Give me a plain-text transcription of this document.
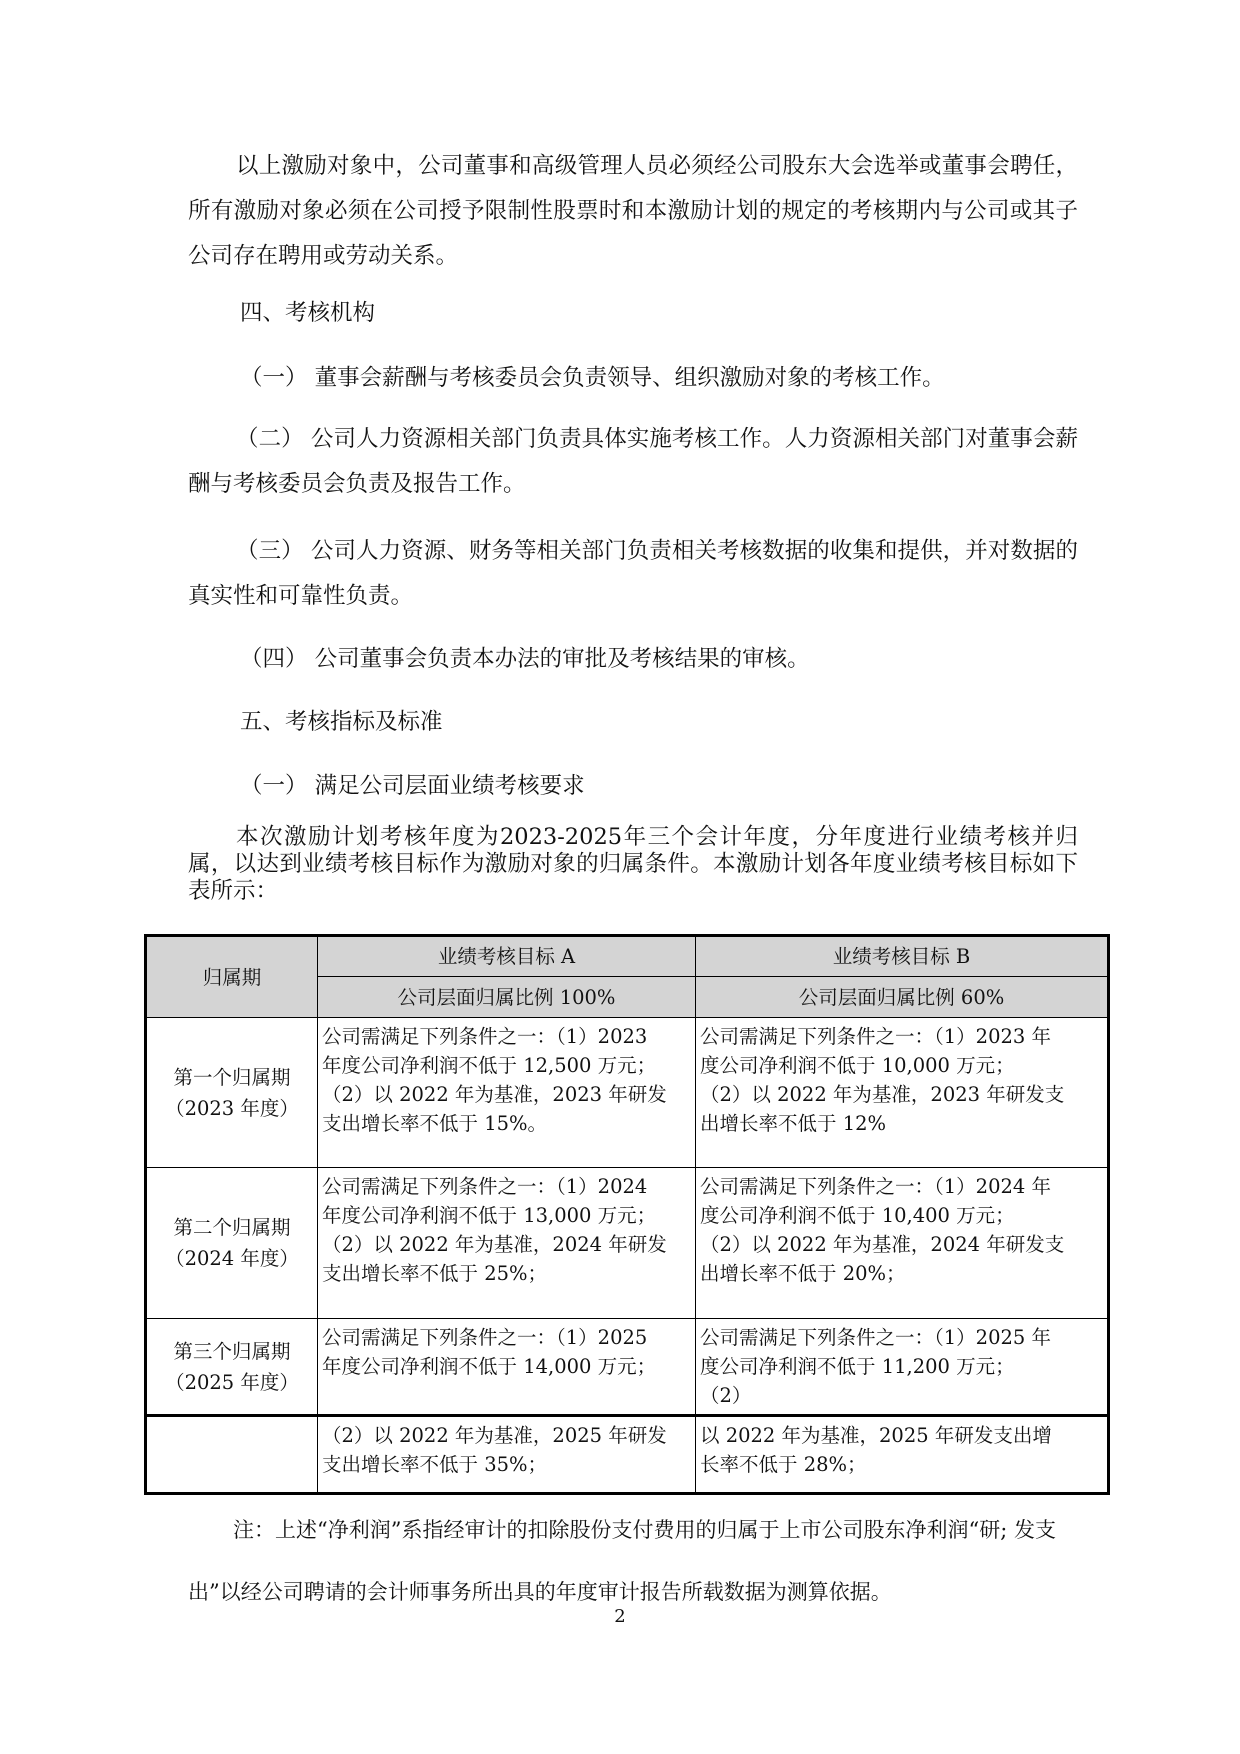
以上激励对象中，公司董事和高级管理人员必须经公司股东大会选举或董事会聘任，所有激励对象必须在公司授予限制性股票时和本激励计划的规定的考核期内与公司或其子公司存在聘用或劳动关系。

四、考核机构

（一） 董事会薪酬与考核委员会负责领导、组织激励对象的考核工作。

（二） 公司人力资源相关部门负责具体实施考核工作。人力资源相关部门对董事会薪酬与考核委员会负责及报告工作。

（三） 公司人力资源、财务等相关部门负责相关考核数据的收集和提供，并对数据的真实性和可靠性负责。

（四） 公司董事会负责本办法的审批及考核结果的审核。

五、考核指标及标准

（一） 满足公司层面业绩考核要求

本次激励计划考核年度为2023-2025年三个会计年度，分年度进行业绩考核并归属，以达到业绩考核目标作为激励对象的归属条件。本激励计划各年度业绩考核目标如下表所示：

归属期	业绩考核目标 A	业绩考核目标 B
	公司层面归属比例 100%	公司层面归属比例 60%

第一个归属期
（2023 年度）	公司需满足下列条件之一：（1）2023
年度公司净利润不低于 12,500 万元；
（2）以 2022 年为基准，2023 年研发
支出增长率不低于 15%。	公司需满足下列条件之一：（1）2023 年
度公司净利润不低于 10,000 万元；
（2）以 2022 年为基准，2023 年研发支
出增长率不低于 12%

第二个归属期
（2024 年度）	公司需满足下列条件之一：（1）2024
年度公司净利润不低于 13,000 万元；
（2）以 2022 年为基准，2024 年研发
支出增长率不低于 25%；	公司需满足下列条件之一：（1）2024 年
度公司净利润不低于 10,400 万元；
（2）以 2022 年为基准，2024 年研发支
出增长率不低于 20%；

第三个归属期
（2025 年度）	公司需满足下列条件之一：（1）2025
年度公司净利润不低于 14,000 万元；	公司需满足下列条件之一：（1）2025 年
度公司净利润不低于 11,200 万元；
（2）

	（2）以 2022 年为基准，2025 年研发
支出增长率不低于 35%；	以 2022 年为基准，2025 年研发支出增
长率不低于 28%；

注：上述“净利润”系指经审计的扣除股份支付费用的归属于上市公司股东净利润“研; 发支出”以经公司聘请的会计师事务所出具的年度审计报告所载数据为测算依据。

2
